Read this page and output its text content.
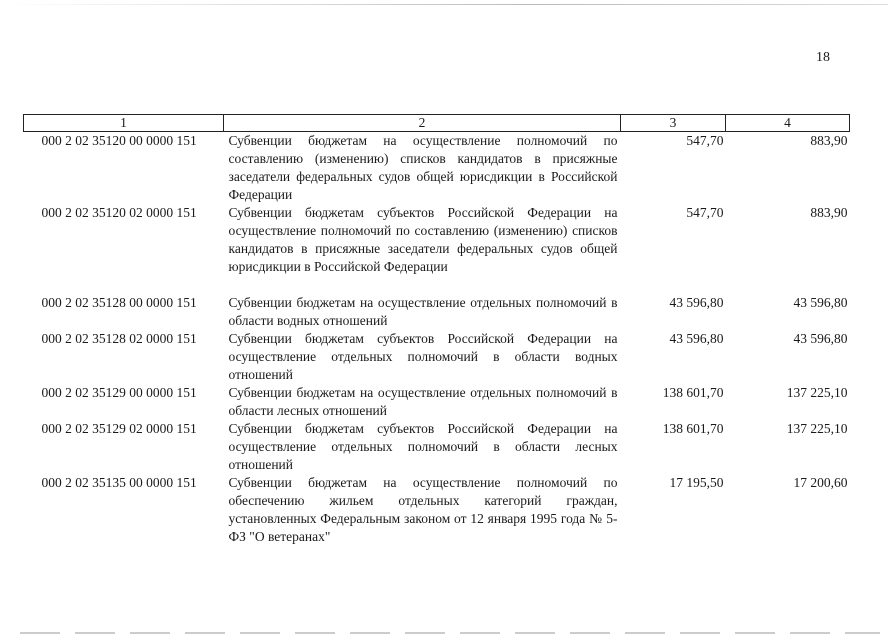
18
1	2	3	4
000 2 02 35120 00 0000 151	Субвенции бюджетам на осуществление полномочий по составлению (изменению) списков кандидатов в присяжные заседатели федеральных судов общей юрисдикции в Российской Федерации	547,70	883,90
000 2 02 35120 02 0000 151	Субвенции бюджетам субъектов Российской Федерации на осуществление полномочий по составлению (изменению) списков кандидатов в присяжные заседатели федеральных судов общей юрисдикции в Российской Федерации	547,70	883,90
000 2 02 35128 00 0000 151	Субвенции бюджетам на осуществление отдельных полномочий в области водных отношений	43 596,80	43 596,80
000 2 02 35128 02 0000 151	Субвенции бюджетам субъектов Российской Федерации на осуществление отдельных полномочий в области водных отношений	43 596,80	43 596,80
000 2 02 35129 00 0000 151	Субвенции бюджетам на осуществление отдельных полномочий в области лесных отношений	138 601,70	137 225,10
000 2 02 35129 02 0000 151	Субвенции бюджетам субъектов Российской Федерации на осуществление отдельных полномочий в области лесных отношений	138 601,70	137 225,10
000 2 02 35135 00 0000 151	Субвенции бюджетам на осуществление полномочий по обеспечению жильем отдельных категорий граждан, установленных Федеральным законом от 12 января 1995 года № 5-ФЗ "О ветеранах"	17 195,50	17 200,60
